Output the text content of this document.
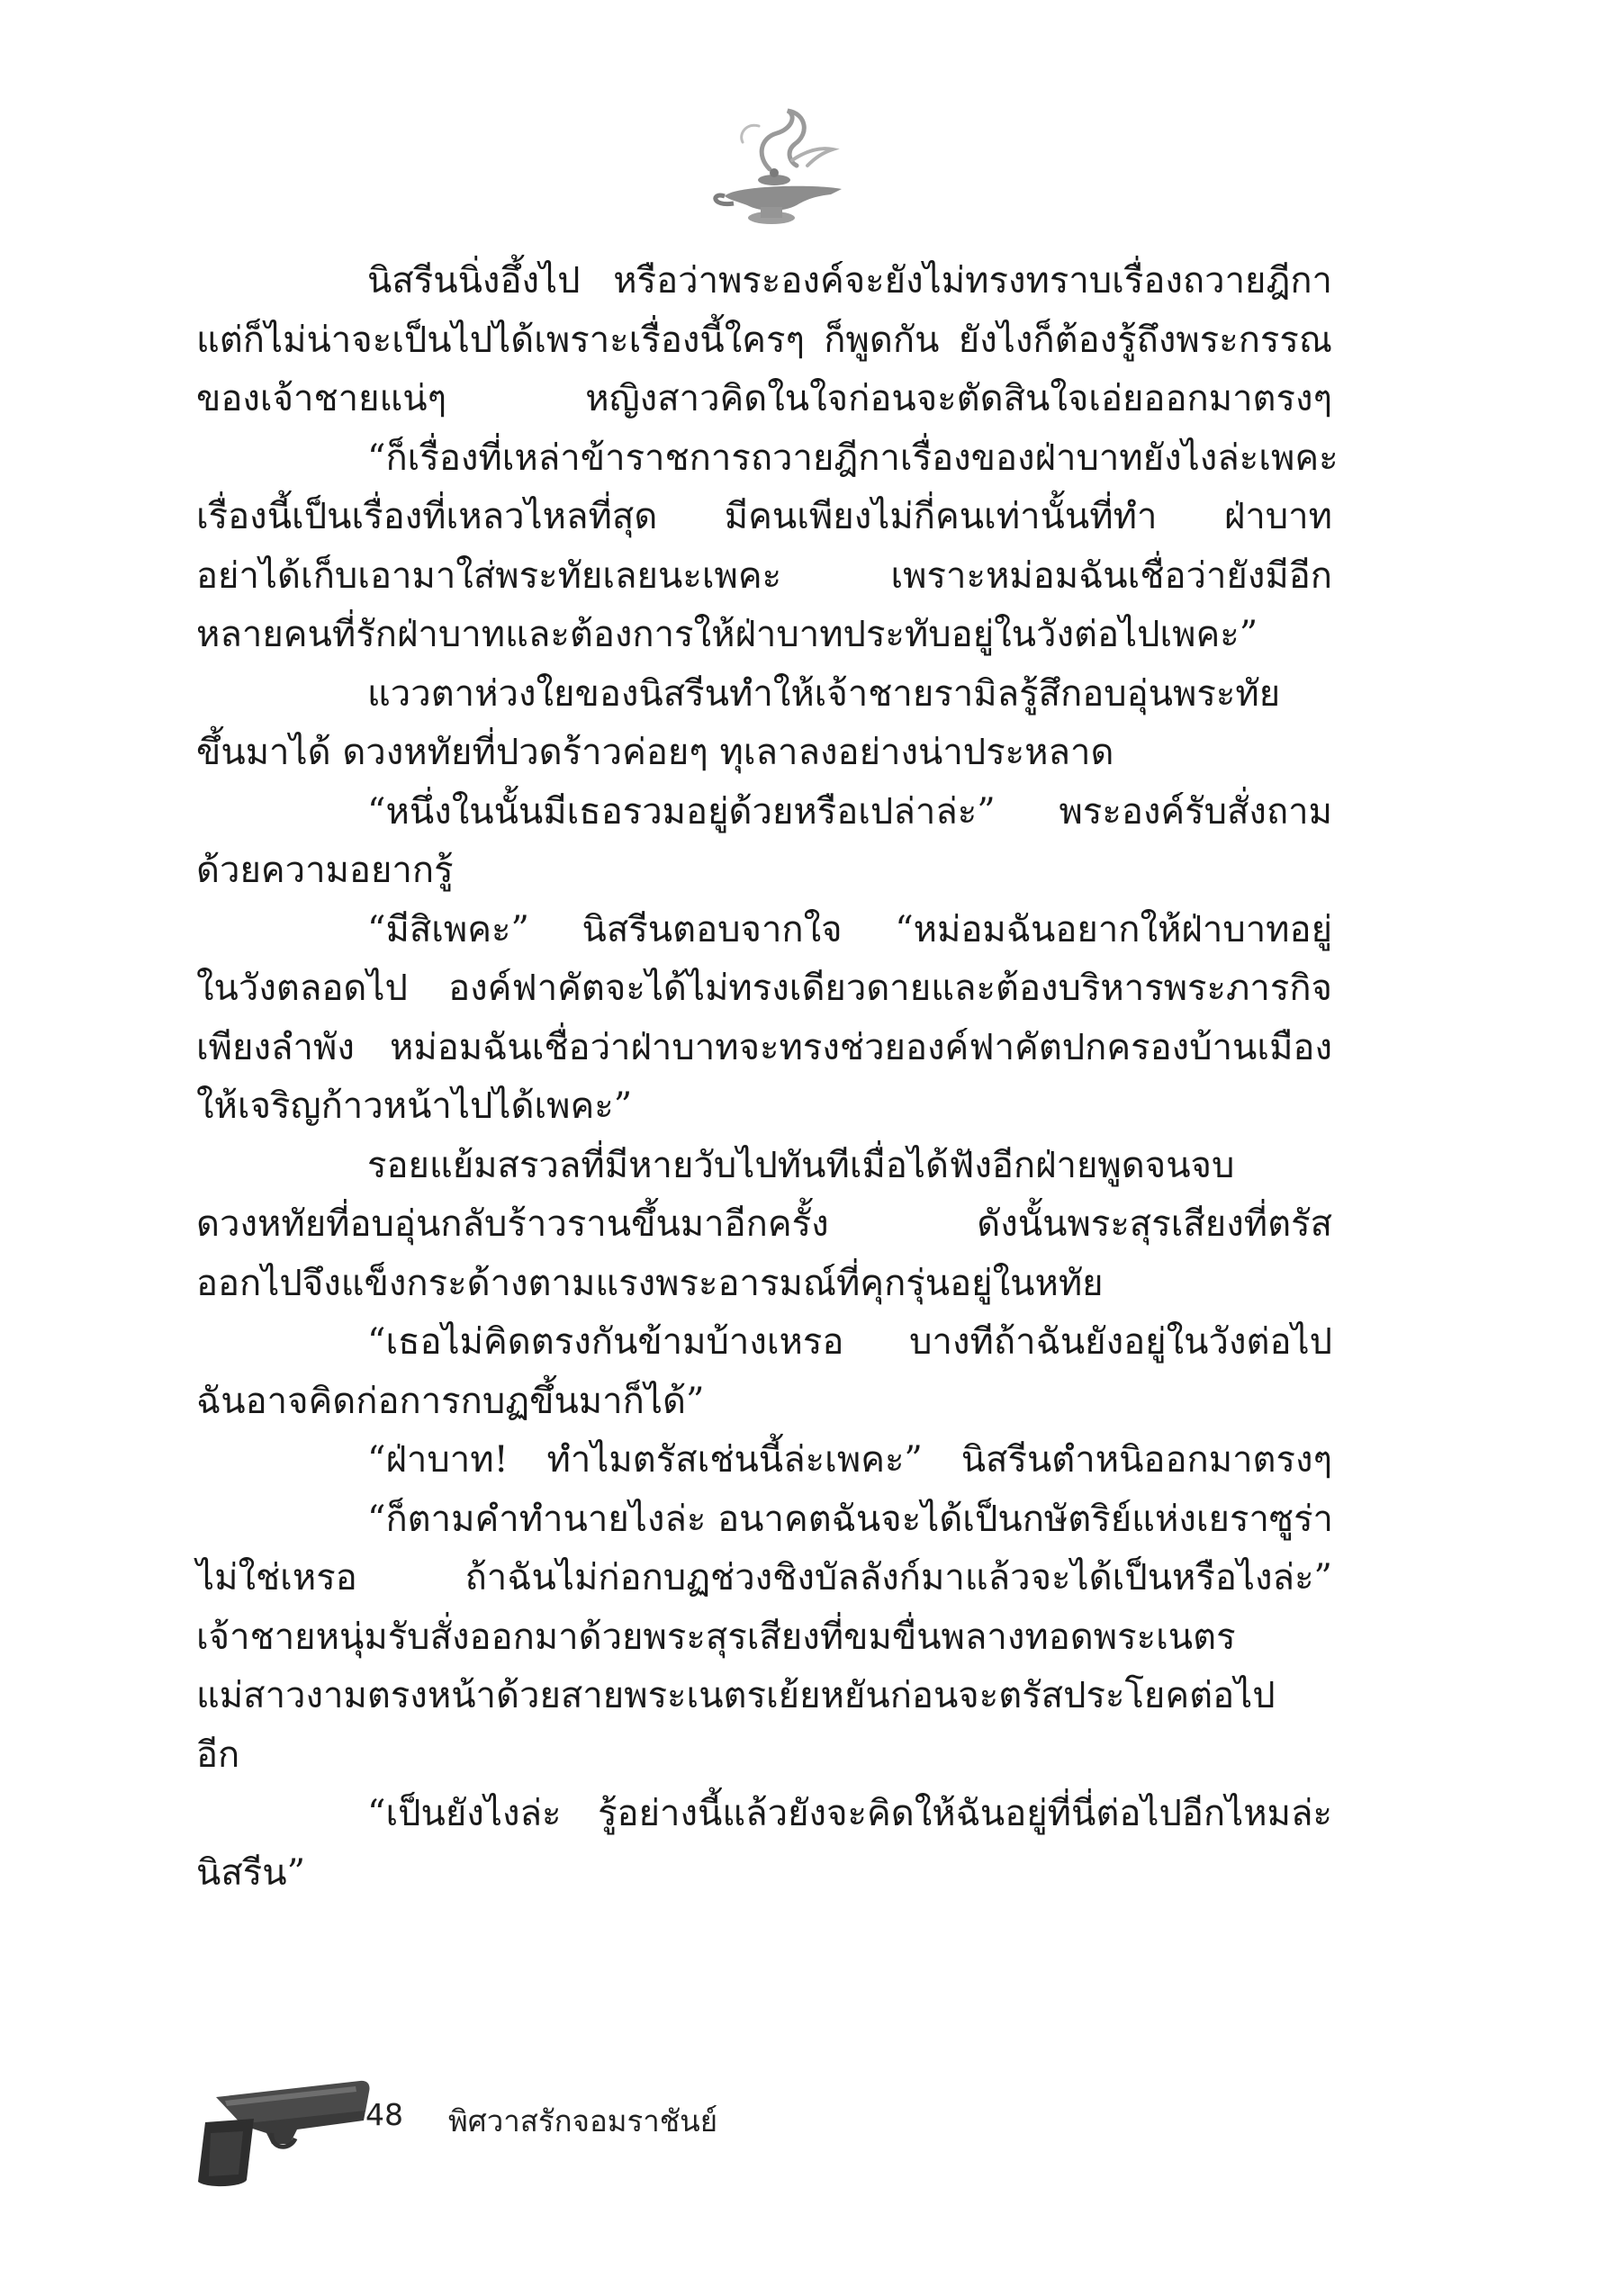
นิสรีนนิ่งอึ้งไป หรือว่าพระองค์จะยังไม่ทรงทราบเรื่องถวายฎีกา
แต่ก็ไม่น่าจะเป็นไปได้เพราะเรื่องนี้ใครๆ ก็พูดกัน ยังไงก็ต้องรู้ถึงพระกรรณ
ของเจ้าชายแน่ๆ หญิงสาวคิดในใจก่อนจะตัดสินใจเอ่ยออกมาตรงๆ
“ก็เรื่องที่เหล่าข้าราชการถวายฎีกาเรื่องของฝ่าบาทยังไงล่ะเพคะ
เรื่องนี้เป็นเรื่องที่เหลวไหลที่สุด มีคนเพียงไม่กี่คนเท่านั้นที่ทำ ฝ่าบาท
อย่าได้เก็บเอามาใส่พระทัยเลยนะเพคะ เพราะหม่อมฉันเชื่อว่ายังมีอีก
หลายคนที่รักฝ่าบาทและต้องการให้ฝ่าบาทประทับอยู่ในวังต่อไปเพคะ”
แววตาห่วงใยของนิสรีนทำให้เจ้าชายรามิลรู้สึกอบอุ่นพระทัย
ขึ้นมาได้ ดวงหทัยที่ปวดร้าวค่อยๆ ทุเลาลงอย่างน่าประหลาด
“หนึ่งในนั้นมีเธอรวมอยู่ด้วยหรือเปล่าล่ะ” พระองค์รับสั่งถาม
ด้วยความอยากรู้
“มีสิเพคะ” นิสรีนตอบจากใจ “หม่อมฉันอยากให้ฝ่าบาทอยู่
ในวังตลอดไป องค์ฟาคัตจะได้ไม่ทรงเดียวดายและต้องบริหารพระภารกิจ
เพียงลำพัง หม่อมฉันเชื่อว่าฝ่าบาทจะทรงช่วยองค์ฟาคัตปกครองบ้านเมือง
ให้เจริญก้าวหน้าไปได้เพคะ”
รอยแย้มสรวลที่มีหายวับไปทันทีเมื่อได้ฟังอีกฝ่ายพูดจนจบ
ดวงหทัยที่อบอุ่นกลับร้าวรานขึ้นมาอีกครั้ง ดังนั้นพระสุรเสียงที่ตรัส
ออกไปจึงแข็งกระด้างตามแรงพระอารมณ์ที่คุกรุ่นอยู่ในหทัย
“เธอไม่คิดตรงกันข้ามบ้างเหรอ บางทีถ้าฉันยังอยู่ในวังต่อไป
ฉันอาจคิดก่อการกบฏขึ้นมาก็ได้”
“ฝ่าบาท! ทำไมตรัสเช่นนี้ล่ะเพคะ” นิสรีนตำหนิออกมาตรงๆ
“ก็ตามคำทำนายไงล่ะ อนาคตฉันจะได้เป็นกษัตริย์แห่งเยราซูร่า
ไม่ใช่เหรอ ถ้าฉันไม่ก่อกบฏช่วงชิงบัลลังก์มาแล้วจะได้เป็นหรือไงล่ะ”
เจ้าชายหนุ่มรับสั่งออกมาด้วยพระสุรเสียงที่ขมขื่นพลางทอดพระเนตร
แม่สาวงามตรงหน้าด้วยสายพระเนตรเย้ยหยันก่อนจะตรัสประโยคต่อไป
อีก
“เป็นยังไงล่ะ รู้อย่างนี้แล้วยังจะคิดให้ฉันอยู่ที่นี่ต่อไปอีกไหมล่ะ
นิสรีน”
48 พิศวาสรักจอมราชันย์
